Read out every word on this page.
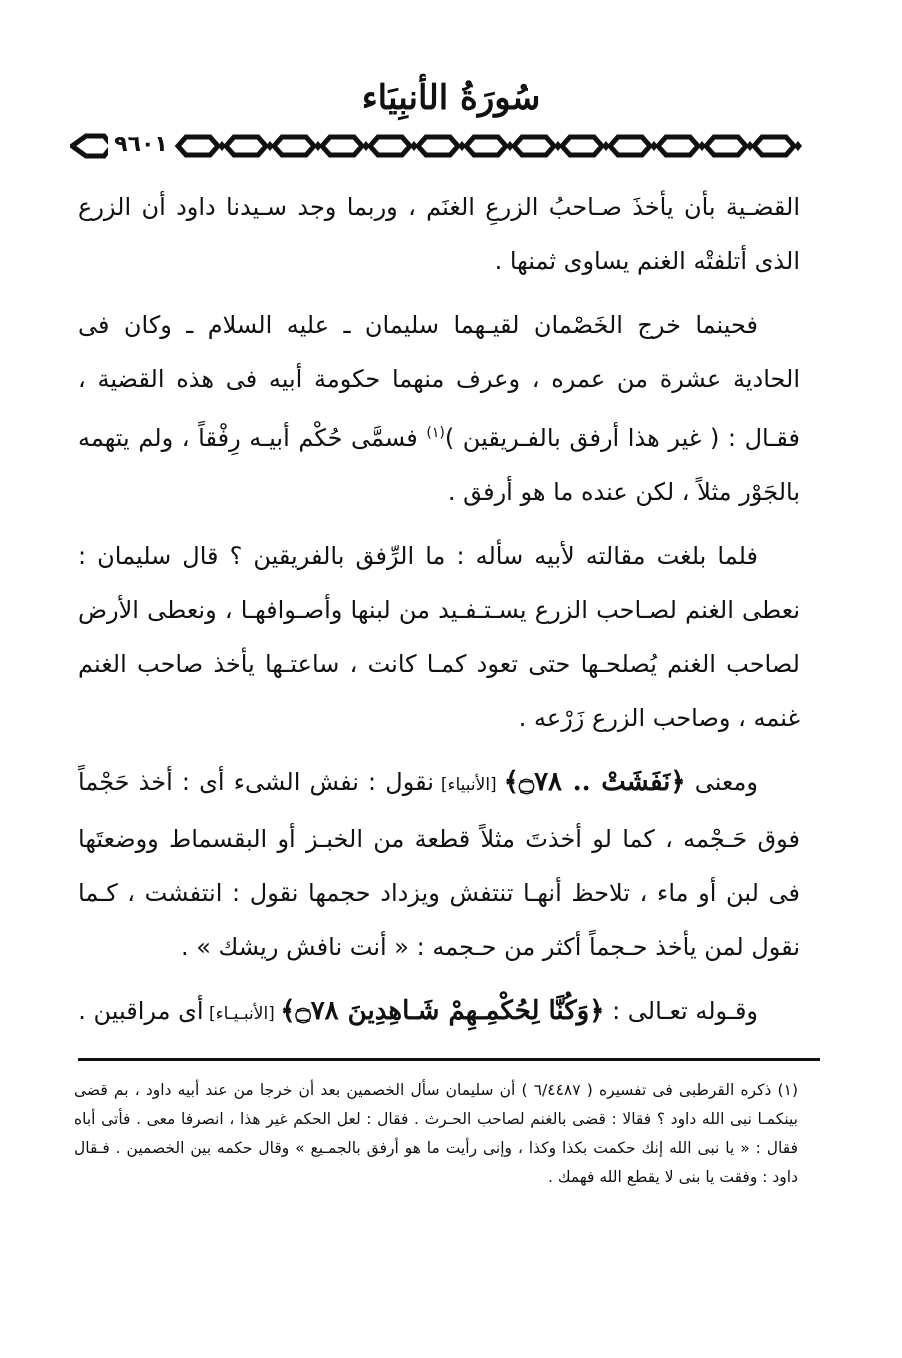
سُورَةُ الأنبِيَاء
٩٦٠١

القضـية بأن يأخذَ صـاحبُ الزرعِ الغنَم ، وربما وجد سـيدنا داود أن الزرع الذى أتلفتْه الغنم يساوى ثمنها .

فحينما خرج الخَصْمان لقيـهما سليمان ـ عليه السلام ـ وكان فى الحادية عشرة من عمره ، وعرف منهما حكومة أبيه فى هذه القضية ، فقـال : ( غير هذا أرفق بالفـريقين )$^{(١)}$ فسمَّى حُكْم أبيـه رِفْقاً ، ولم يتهمه بالجَوْر مثلاً ، لكن عنده ما هو أرفق .

فلما بلغت مقالته لأبيه سأله : ما الرِّفق بالفريقين ؟ قال سليمان : نعطى الغنم لصـاحب الزرع يسـتـفـيد من لبنها وأصـوافهـا ، ونعطى الأرض لصاحب الغنم يُصلحـها حتى تعود كمـا كانت ، ساعتـها يأخذ صاحب الغنم غنمه ، وصاحب الزرع زَرْعه .

ومعنى ﴿نَفَشَتْ .. ۝٧٨﴾ [الأنبياء] نقول : نفش الشىء أى : أخذ حَجْماً فوق حَـجْمه ، كما لو أخذتَ مثلاً قطعة من الخبـز أو البقسماط ووضعتَها فى لبن أو ماء ، تلاحظ أنهـا تنتفش ويزداد حجمها نقول : انتفشت ، كـما نقول لمن يأخذ حـجماً أكثر من حـجمه : « أنت نافش ريشك » .

وقـوله تعـالى : ﴿وَكُنَّا لِحُكْمِـهِمْ شَـاهِدِينَ ۝٧٨﴾ [الأنبـيـاء] أى مراقبين .

(١) ذكره القرطبى فى تفسيره ( ٦/٤٤٨٧ ) أن سليمان سأل الخصمين بعد أن خرجا من عند أبيه داود ، بم قضى بينكمـا نبى الله داود ؟ فقالا : قضى بالغنم لصاحب الحـرث . فقال : لعل الحكم غير هذا ، انصرفا معى . فأتى أباه فقال : « يا نبى الله إنك حكمت بكذا وكذا ، وإنى رأيت ما هو أرفق بالجمـيع » وقال حكمه بين الخصمين . فـقال داود : وفقت يا بنى لا يقطع الله فهمك .
